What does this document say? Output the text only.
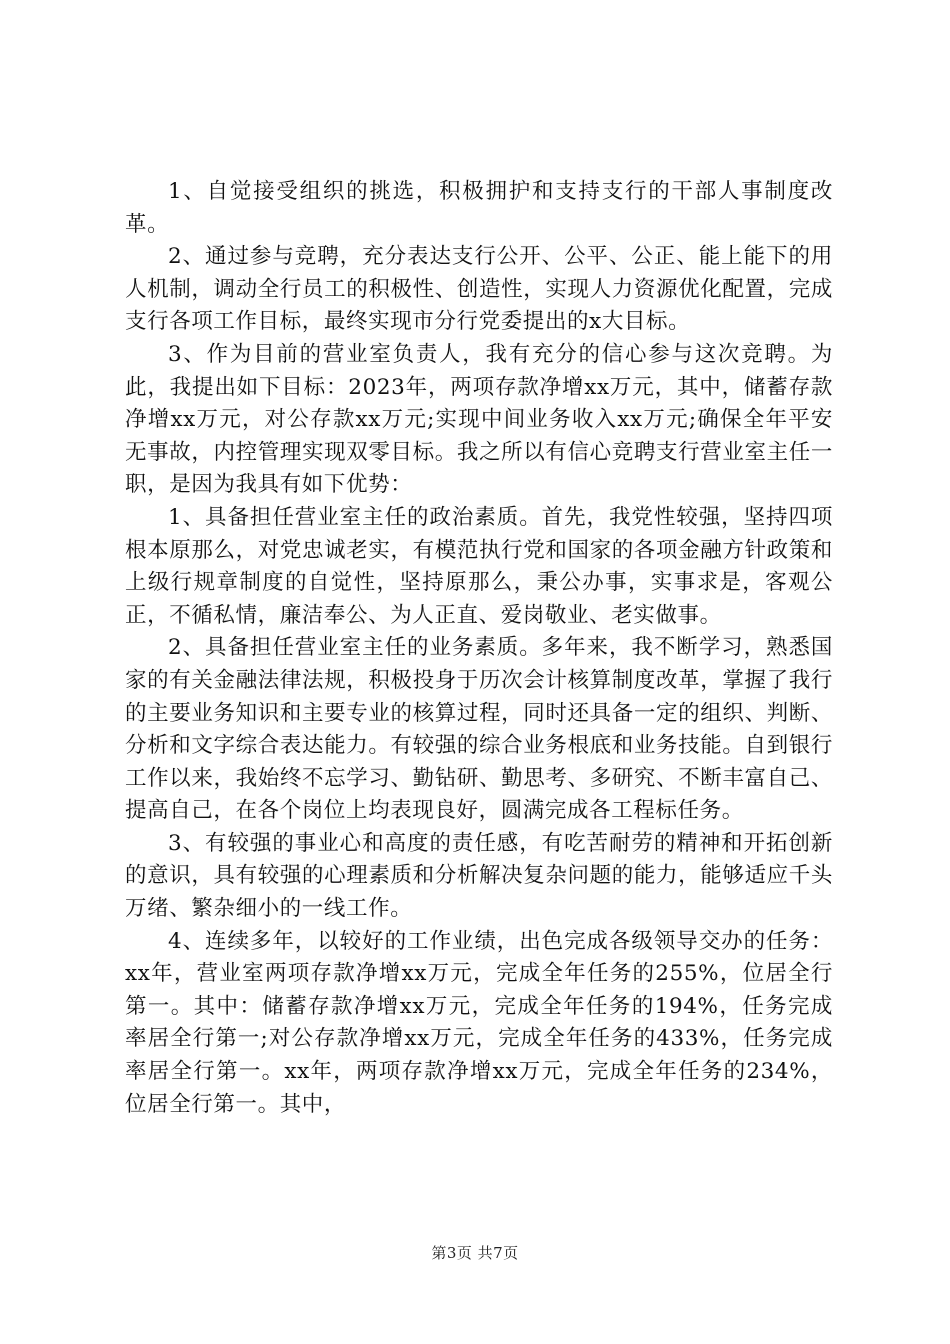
1、自觉接受组织的挑选，积极拥护和支持支行的干部人事制度改革。

2、通过参与竞聘，充分表达支行公开、公平、公正、能上能下的用人机制，调动全行员工的积极性、创造性，实现人力资源优化配置，完成支行各项工作目标，最终实现市分行党委提出的x大目标。

3、作为目前的营业室负责人，我有充分的信心参与这次竞聘。为此，我提出如下目标：2023年，两项存款净增xx万元，其中，储蓄存款净增xx万元，对公存款xx万元;实现中间业务收入xx万元;确保全年平安无事故，内控管理实现双零目标。我之所以有信心竞聘支行营业室主任一职，是因为我具有如下优势：

1、具备担任营业室主任的政治素质。首先，我党性较强，坚持四项根本原那么，对党忠诚老实，有模范执行党和国家的各项金融方针政策和上级行规章制度的自觉性，坚持原那么，秉公办事，实事求是，客观公正，不循私情，廉洁奉公、为人正直、爱岗敬业、老实做事。

2、具备担任营业室主任的业务素质。多年来，我不断学习，熟悉国家的有关金融法律法规，积极投身于历次会计核算制度改革，掌握了我行的主要业务知识和主要专业的核算过程，同时还具备一定的组织、判断、分析和文字综合表达能力。有较强的综合业务根底和业务技能。自到银行工作以来，我始终不忘学习、勤钻研、勤思考、多研究、不断丰富自己、提高自己，在各个岗位上均表现良好，圆满完成各工程标任务。

3、有较强的事业心和高度的责任感，有吃苦耐劳的精神和开拓创新的意识，具有较强的心理素质和分析解决复杂问题的能力，能够适应千头万绪、繁杂细小的一线工作。

4、连续多年，以较好的工作业绩，出色完成各级领导交办的任务：xx年，营业室两项存款净增xx万元，完成全年任务的255%，位居全行第一。其中：储蓄存款净增xx万元，完成全年任务的194%，任务完成率居全行第一;对公存款净增xx万元，完成全年任务的433%，任务完成率居全行第一。xx年，两项存款净增xx万元，完成全年任务的234%，位居全行第一。其中，

第3页 共7页
